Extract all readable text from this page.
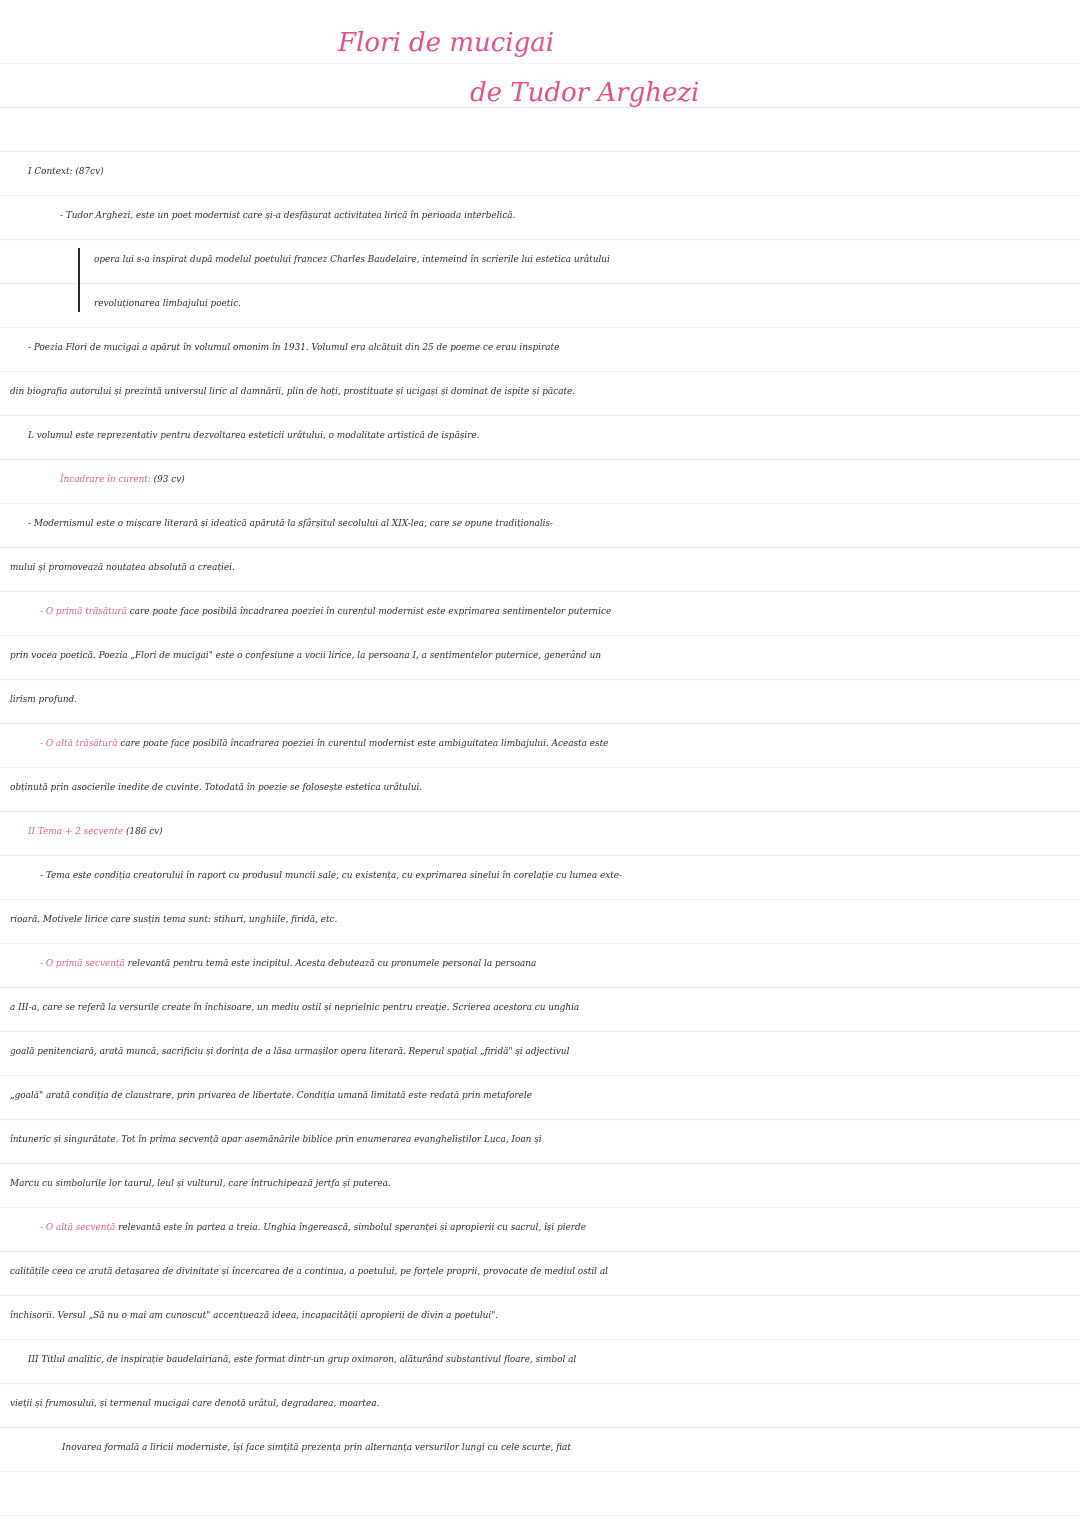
Flori de mucigai
de Tudor Arghezi
I Context: (87cv)
- Tudor Arghezi, este un poet modernist care și-a desfășurat activitatea lirică în perioada interbelică.
opera lui s-a inspirat după modelul poetului francez Charles Baudelaire, intemeind în scrierile lui estetica urâtului
revoluționarea limbajului poetic.
- Poezia Flori de mucigai a apărut în volumul omonim în 1931. Volumul era alcătuit din 25 de poeme ce erau inspirate
din biografia autorului și prezintă universul liric al damnării, plin de hoți, prostituate și ucigași și dominat de ispite și păcate.
L volumul este reprezentativ pentru dezvoltarea esteticii urâtului, o modalitate artistică de ispășire.
Încadrare în curent: (93 cv)
- Modernismul este o mișcare literară și ideatică apărută la sfârșitul secolului al XIX-lea, care se opune tradiționalis-
mului și promovează noutatea absolută a creației.
- O primă trăsătură care poate face posibilă încadrarea poeziei în curentul modernist este exprimarea sentimentelor puternice
prin vocea poetică. Poezia „Flori de mucigai" este o confesiune a vocii lirice, la persoana I, a sentimentelor puternice, generând un
lirism profund.
- O altă trăsătură care poate face posibilă încadrarea poeziei în curentul modernist este ambiguitatea limbajului. Aceasta este
obținută prin asocierile inedite de cuvinte. Totodată în poezie se folosește estetica urâtului.
II Tema + 2 secvente (186 cv)
- Tema este condiția creatorului în raport cu produsul muncii sale, cu existența, cu exprimarea sinelui în corelație cu lumea exte-
rioară. Motivele lirice care susțin tema sunt: stihuri, unghiile, firidă, etc.
- O primă secvență relevantă pentru temă este incipitul. Acesta debutează cu pronumele personal la persoana
a III-a, care se referă la versurile create în închisoare, un mediu ostil și neprielnic pentru creație. Scrierea acestora cu unghia
goală penitenciară, arată muncă, sacrificiu și dorința de a lăsa urmașilor opera literară. Reperul spațial „firidă" și adjectivul
„goală" arată condiția de claustrare, prin privarea de libertate. Condiția umană limitată este redată prin metaforele
întuneric și singurătate. Tot în prima secvență apar asemănările biblice prin enumerarea evangheliștilor Luca, Ioan și
Marcu cu simbolurile lor taurul, leul și vulturul, care întruchipează jertfa și puterea.
- O altă secvență relevantă este în partea a treia. Unghia îngerească, simbolul speranței și apropierii cu sacrul, își pierde
calitățile ceea ce arată detașarea de divinitate și încercarea de a continua, a poetului, pe forțele proprii, provocate de mediul ostil al
închisorii. Versul „Să nu o mai am cunoscut" accentuează ideea, incapacității apropierii de divin a poetului".
III Titlul analitic, de inspirație baudelairiană, este format dintr-un grup oximoron, alăturând substantivul floare, simbol al
vieții și frumosului, și termenul mucigai care denotă urâtul, degradarea, moartea.
Inovarea formală a liricii moderniste, își face simțită prezența prin alternanța versurilor lungi cu cele scurte, fiat
